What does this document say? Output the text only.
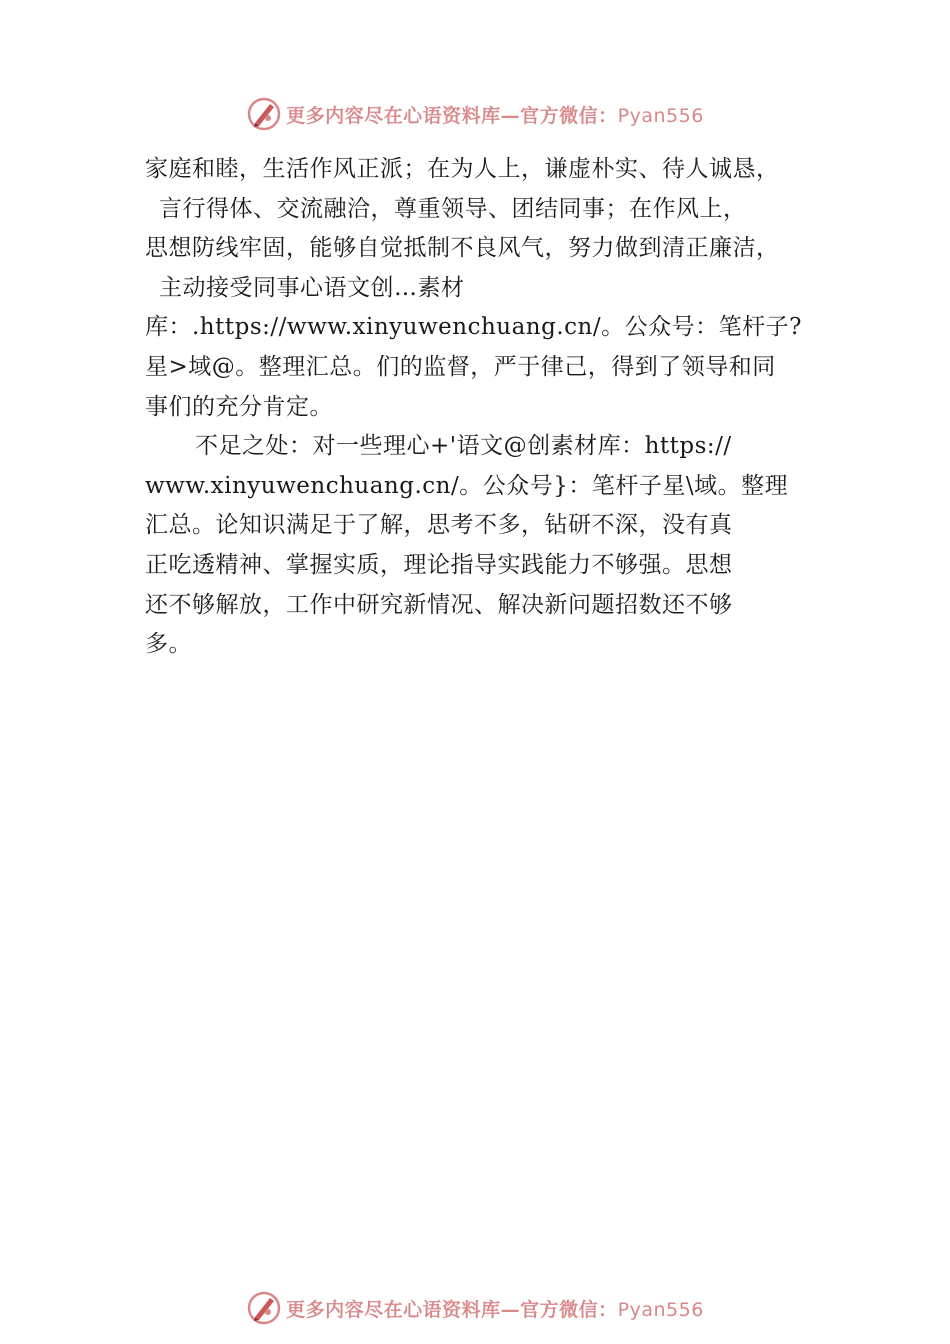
更多内容尽在心语资料库—官方微信：Pyan556
家庭和睦，生活作风正派；在为人上，谦虚朴实、待人诚恳，
言行得体、交流融洽，尊重领导、团结同事；在作风上，
思想防线牢固，能够自觉抵制不良风气，努力做到清正廉洁，
主动接受同事心语文创…素材
库：.https://www.xinyuwenchuang.cn/。公众号：笔杆子?
星>域@。整理汇总。们的监督，严于律己，得到了领导和同
事们的充分肯定。
不足之处：对一些理心+'语文@创素材库：https://
www.xinyuwenchuang.cn/。公众号}：笔杆子星\域。整理
汇总。论知识满足于了解，思考不多，钻研不深，没有真
正吃透精神、掌握实质，理论指导实践能力不够强。思想
还不够解放，工作中研究新情况、解决新问题招数还不够
多。
更多内容尽在心语资料库—官方微信：Pyan556
